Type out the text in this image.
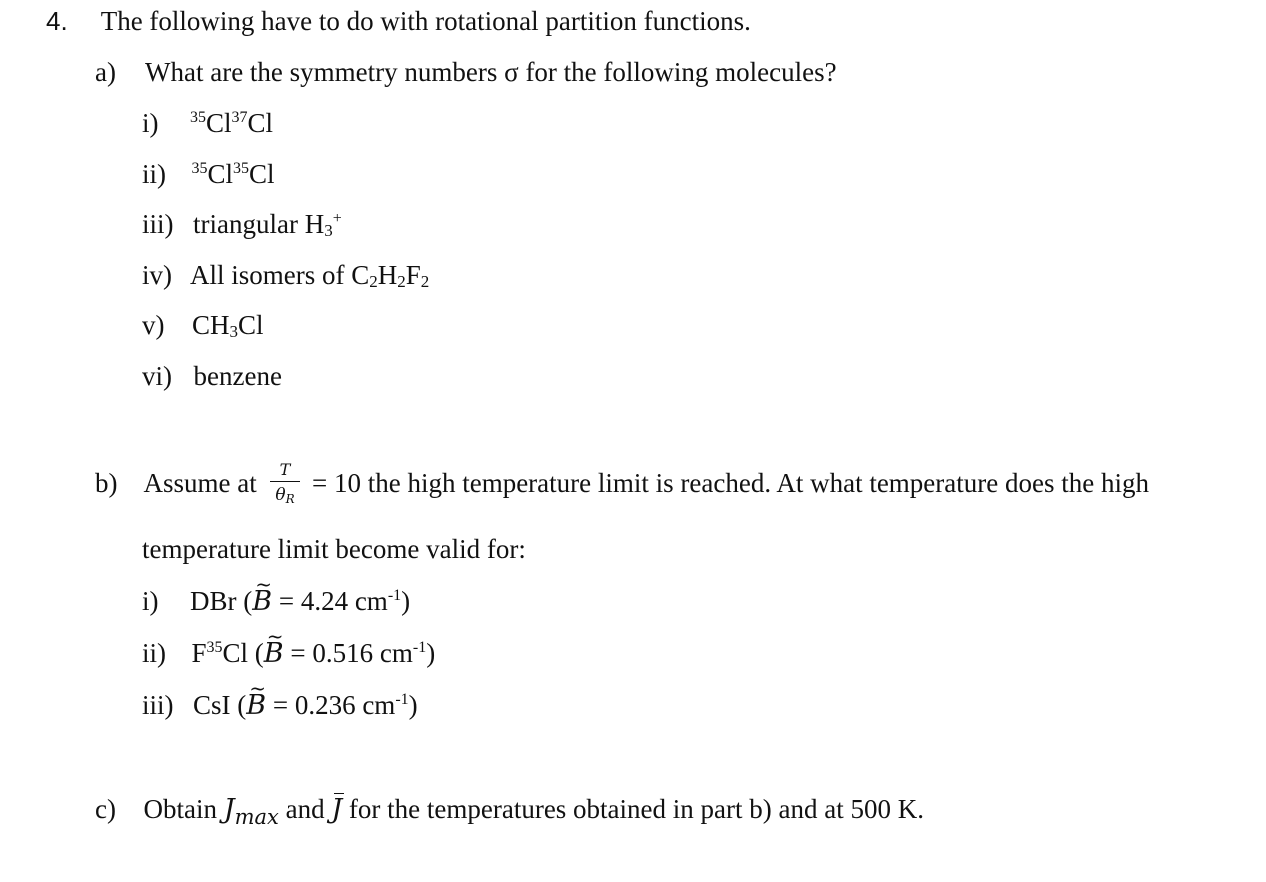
4. The following have to do with rotational partition functions.
a) What are the symmetry numbers σ for the following molecules?
i) $^{35}$Cl$^{37}$Cl
ii) $^{35}$Cl$^{35}$Cl
iii) triangular H3+
iv) All isomers of C2H2F2
v) CH3Cl
vi) benzene
b) Assume at	T
θR
= 10 the high temperature limit is reached. At what temperature does the high
temperature limit become valid for:
i) DBr (~ B = 4.24 $cm^{-1}$)
ii) $F^{35}Cl$ (~ B = 0.516 $cm^{-1}$)
iii) CsI (~ B = 0.236 $cm^{-1}$)
c) Obtain $J_{max}$ and J for the temperatures obtained in part b) and at 500 K.
